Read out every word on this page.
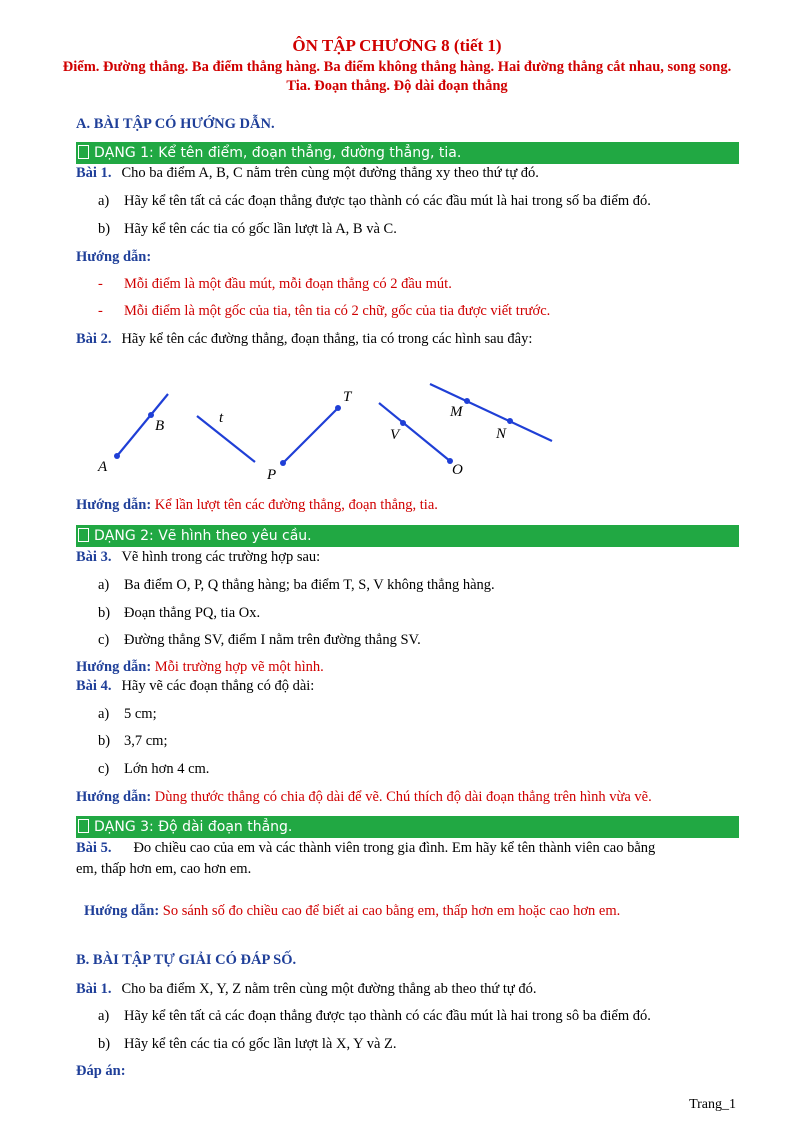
ÔN TẬP CHƯƠNG 8 (tiết 1)
Điểm. Đường thẳng. Ba điểm thẳng hàng. Ba điểm không thẳng hàng. Hai đường thẳng cắt nhau, song song. Tia. Đoạn thẳng. Độ dài đoạn thẳng
A. BÀI TẬP CÓ HƯỚNG DẪN.
DẠNG 1: Kể tên điểm, đoạn thẳng, đường thẳng, tia.
Bài 1. Cho ba điểm A, B, C nằm trên cùng một đường thẳng xy theo thứ tự đó.
a) Hãy kể tên tất cả các đoạn thẳng được tạo thành có các đầu mút là hai trong số ba điểm đó.
b) Hãy kể tên các tia có gốc lần lượt là A, B và C.
Hướng dẫn:
- Mỗi điểm là một đầu mút, mỗi đoạn thẳng có 2 đầu mút.
- Mỗi điểm là một gốc của tia, tên tia có 2 chữ, gốc của tia được viết trước.
Bài 2. Hãy kể tên các đường thẳng, đoạn thẳng, tia có trong các hình sau đây:
A
B	t
P
T
V
O
M
N
Hướng dẫn: Kể lần lượt tên các đường thẳng, đoạn thẳng, tia.
DẠNG 2: Vẽ hình theo yêu cầu.
Bài 3. Vẽ hình trong các trường hợp sau:
a) Ba điểm O, P, Q thẳng hàng; ba điểm T, S, V không thẳng hàng.
b) Đoạn thẳng PQ, tia Ox.
c) Đường thẳng SV, điểm I nằm trên đường thẳng SV.
Hướng dẫn: Mỗi trường hợp vẽ một hình.
Bài 4. Hãy vẽ các đoạn thẳng có độ dài:
a) 5 cm;
b) 3,7 cm;
c) Lớn hơn 4 cm.
Hướng dẫn: Dùng thước thẳng có chia độ dài để vẽ. Chú thích độ dài đoạn thẳng trên hình vừa vẽ.
DẠNG 3: Độ dài đoạn thẳng.
Bài 5. Đo chiều cao của em và các thành viên trong gia đình. Em hãy kể tên thành viên cao bằng
em, thấp hơn em, cao hơn em.
Hướng dẫn: So sánh số đo chiều cao để biết ai cao bằng em, thấp hơn em hoặc cao hơn em.
B. BÀI TẬP TỰ GIẢI CÓ ĐÁP SỐ.
Bài 1. Cho ba điểm X, Y, Z nằm trên cùng một đường thẳng ab theo thứ tự đó.
a) Hãy kể tên tất cả các đoạn thẳng được tạo thành có các đầu mút là hai trong sô ba điểm đó.
b) Hãy kể tên các tia có gốc lần lượt là X, Y và Z.
Đáp án:
Trang_1
